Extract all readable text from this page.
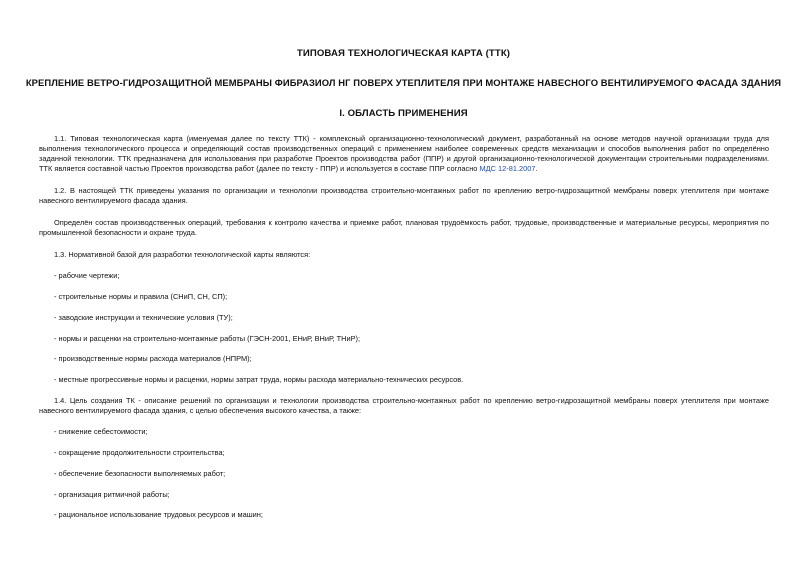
ТИПОВАЯ ТЕХНОЛОГИЧЕСКАЯ КАРТА (ТТК)
КРЕПЛЕНИЕ ВЕТРО-ГИДРОЗАЩИТНОЙ МЕМБРАНЫ ФИБРАЗИОЛ НГ ПОВЕРХ УТЕПЛИТЕЛЯ ПРИ МОНТАЖЕ НАВЕСНОГО ВЕНТИЛИРУЕМОГО ФАСАДА ЗДАНИЯ
I. ОБЛАСТЬ ПРИМЕНЕНИЯ
1.1. Типовая технологическая карта (именуемая далее по тексту ТТК) - комплексный организационно-технологический документ, разработанный на основе методов научной организации труда для выполнения технологического процесса и определяющий состав производственных операций с применением наиболее современных средств механизации и способов выполнения работ по определённо заданной технологии. ТТК предназначена для использования при разработке Проектов производства работ (ППР) и другой организационно-технологической документации строительными подразделениями. ТТК является составной частью Проектов производства работ (далее по тексту - ППР) и используется в составе ППР согласно МДС 12-81.2007.
1.2. В настоящей ТТК приведены указания по организации и технологии производства строительно-монтажных работ по креплению ветро-гидрозащитной мембраны поверх утеплителя при монтаже навесного вентилируемого фасада здания.
Определён состав производственных операций, требования к контролю качества и приемке работ, плановая трудоёмкость работ, трудовые, производственные и материальные ресурсы, мероприятия по промышленной безопасности и охране труда.
1.3. Нормативной базой для разработки технологической карты являются:
- рабочие чертежи;
- строительные нормы и правила (СНиП, СН, СП);
- заводские инструкции и технические условия (ТУ);
- нормы и расценки на строительно-монтажные работы (ГЭСН-2001, ЕНиР, ВНиР, ТНиР);
- производственные нормы расхода материалов (НПРМ);
- местные прогрессивные нормы и расценки, нормы затрат труда, нормы расхода материально-технических ресурсов.
1.4. Цель создания ТК - описание решений по организации и технологии производства строительно-монтажных работ по креплению ветро-гидрозащитной мембраны поверх утеплителя при монтаже навесного вентилируемого фасада здания, с целью обеспечения высокого качества, а также:
- снижение себестоимости;
- сокращение продолжительности строительства;
- обеспечение безопасности выполняемых работ;
- организация ритмичной работы;
- рациональное использование трудовых ресурсов и машин;
